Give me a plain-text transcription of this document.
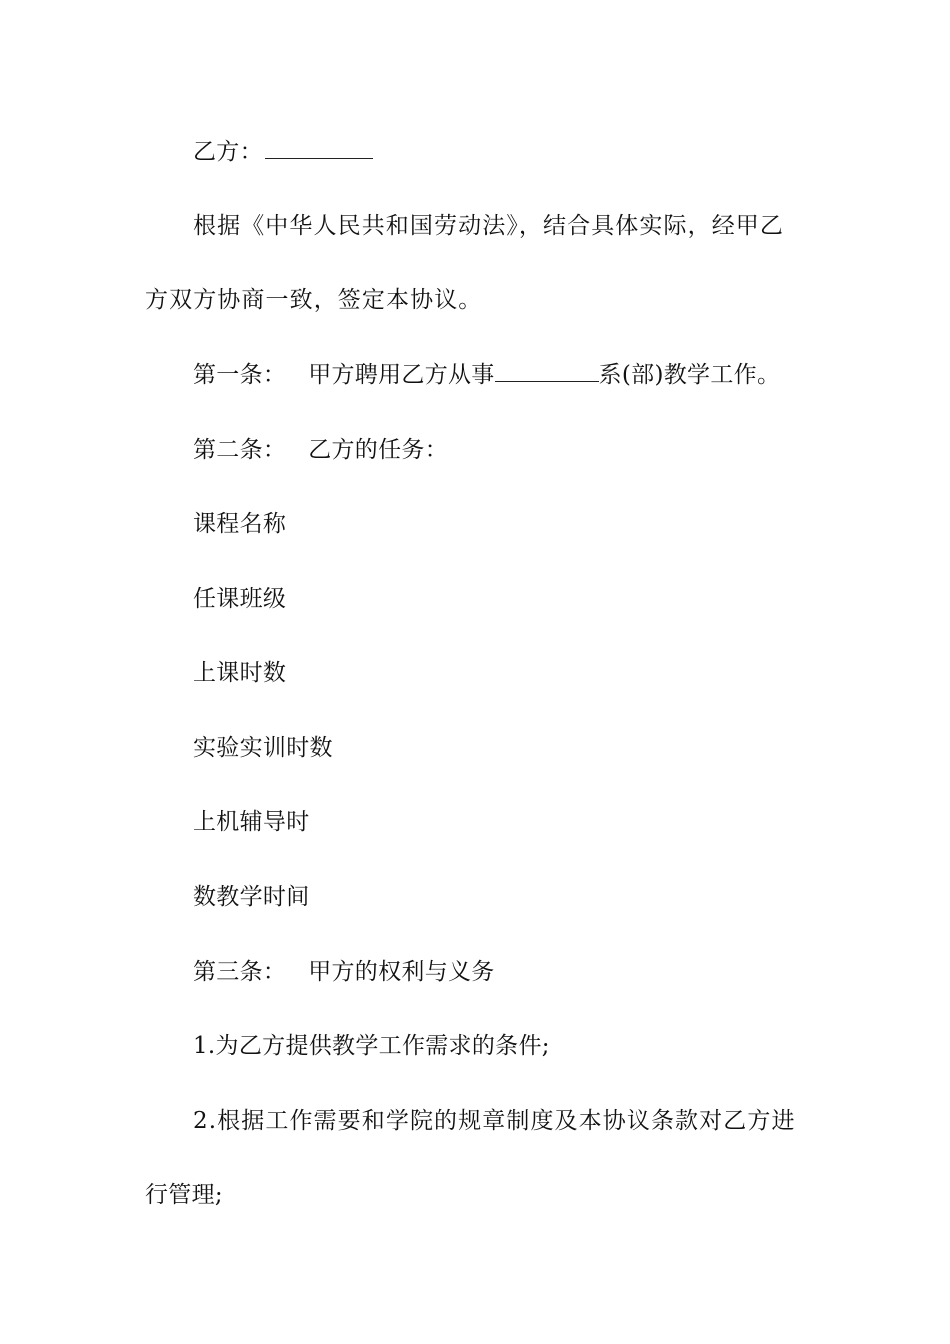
乙方：
根据《中华人民共和国劳动法》，结合具体实际，经甲乙
方双方协商一致，签定本协议。
第一条： 甲方聘用乙方从事	系(部)教学工作。
第二条： 乙方的任务：
课程名称
任课班级
上课时数
实验实训时数
上机辅导时
数教学时间
第三条： 甲方的权利与义务
1.为乙方提供教学工作需求的条件;
2.根据工作需要和学院的规章制度及本协议条款对乙方进
行管理;
